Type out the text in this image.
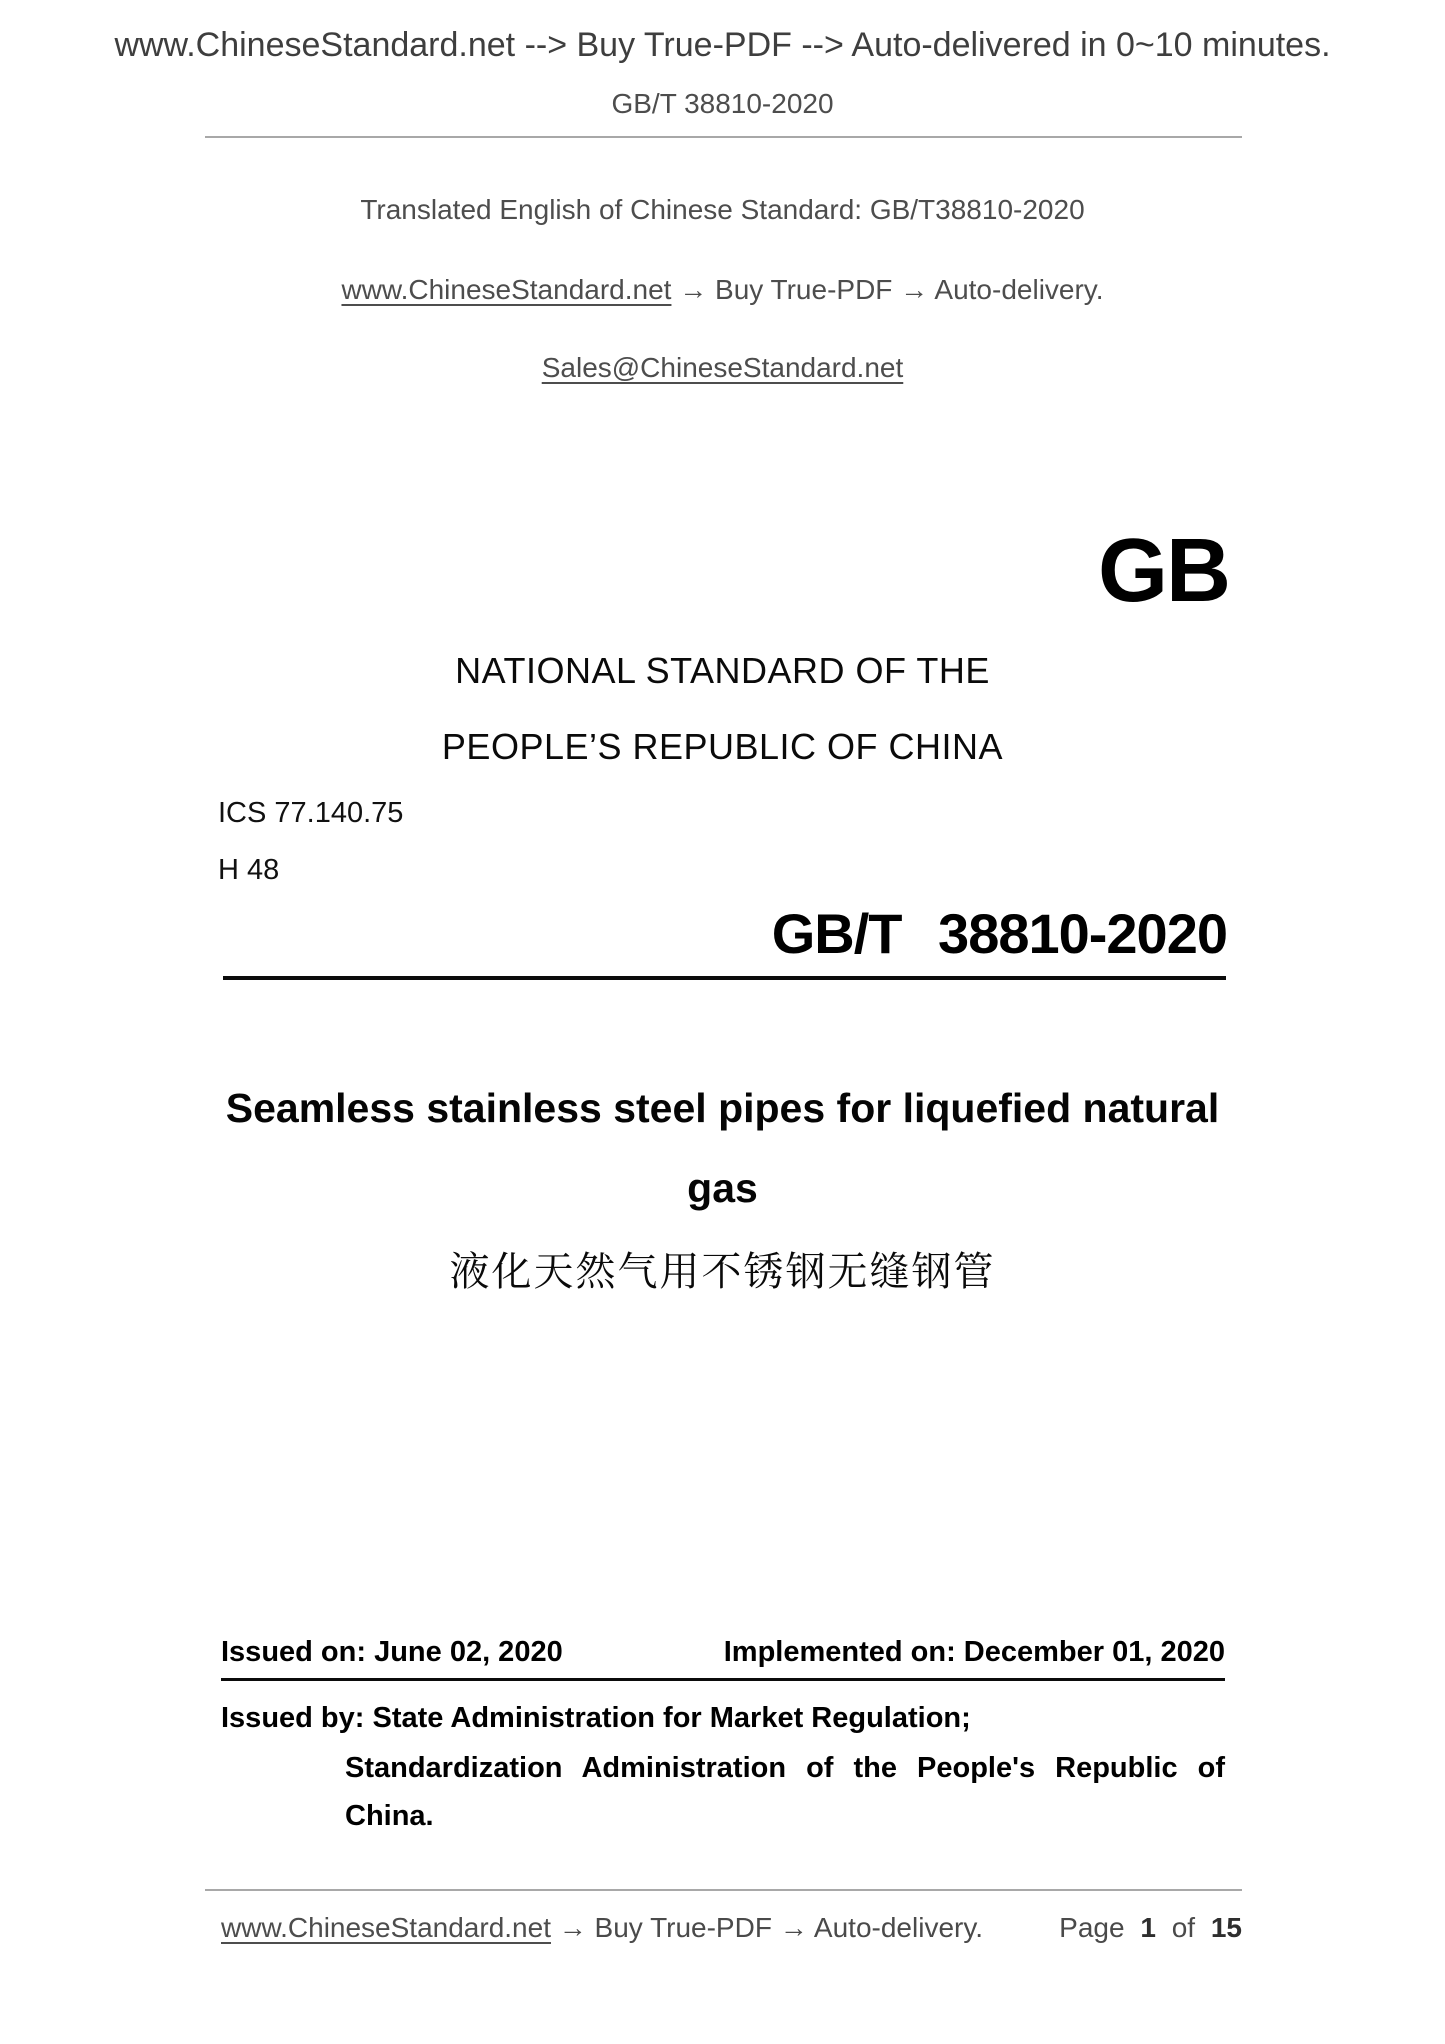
www.ChineseStandard.net --> Buy True-PDF --> Auto-delivered in 0~10 minutes.
GB/T 38810-2020
Translated English of Chinese Standard: GB/T38810-2020
www.ChineseStandard.net → Buy True-PDF → Auto-delivery.
Sales@ChineseStandard.net
GB
NATIONAL STANDARD OF THE
PEOPLE’S REPUBLIC OF CHINA
ICS 77.140.75
H 48
GB/T 38810-2020
Seamless stainless steel pipes for liquefied natural
gas
液化天然气用不锈钢无缝钢管
Issued on: June 02, 2020	Implemented on: December 01, 2020
Issued by: State Administration for Market Regulation;
Standardization Administration of the People's Republic of
China.
www.ChineseStandard.net → Buy True-PDF → Auto-delivery.	Page 1 of 15
